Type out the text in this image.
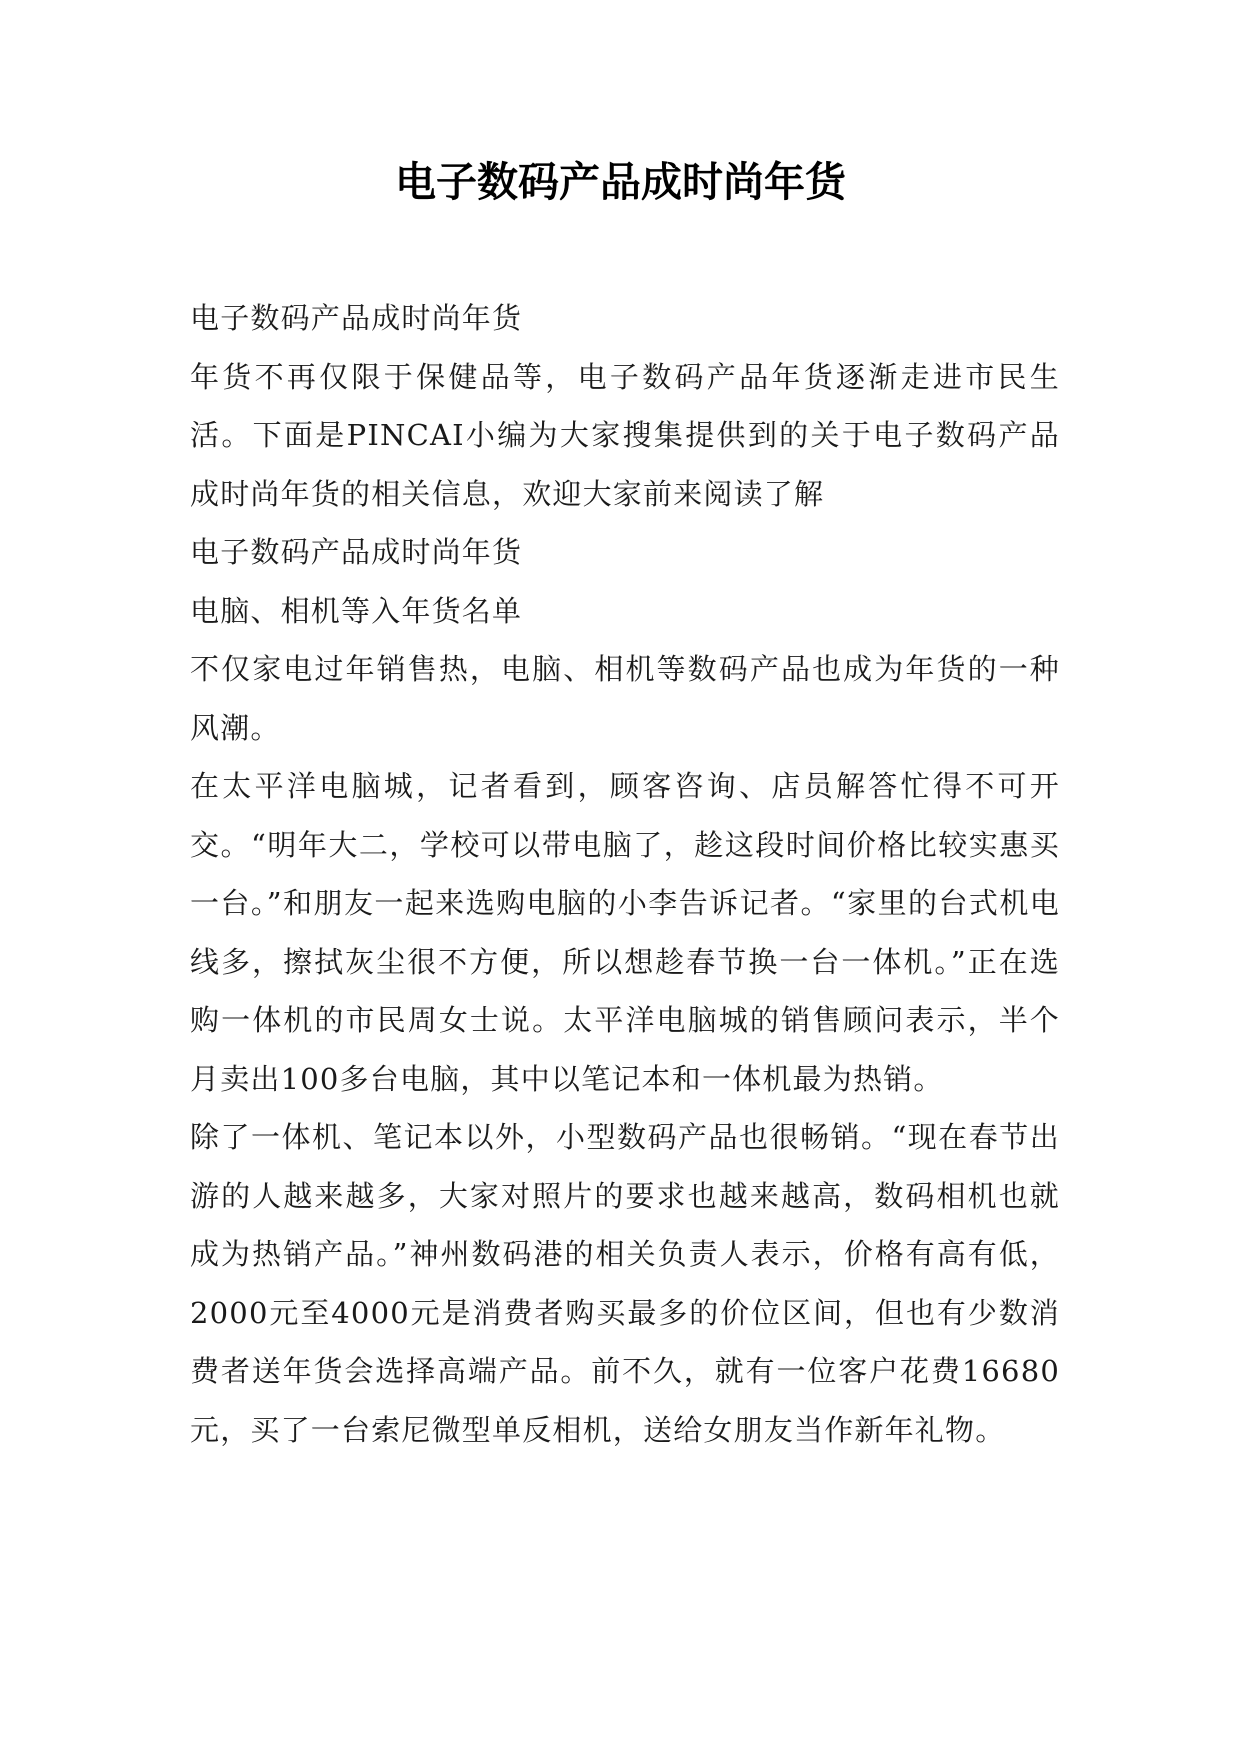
电子数码产品成时尚年货

电子数码产品成时尚年货

年货不再仅限于保健品等，电子数码产品年货逐渐走进市民生活。下面是PINCAI小编为大家搜集提供到的关于电子数码产品成时尚年货的相关信息，欢迎大家前来阅读了解

电子数码产品成时尚年货

电脑、相机等入年货名单

不仅家电过年销售热，电脑、相机等数码产品也成为年货的一种风潮。

在太平洋电脑城，记者看到，顾客咨询、店员解答忙得不可开交。“明年大二，学校可以带电脑了，趁这段时间价格比较实惠买一台。”和朋友一起来选购电脑的小李告诉记者。“家里的台式机电线多，擦拭灰尘很不方便，所以想趁春节换一台一体机。”正在选购一体机的市民周女士说。太平洋电脑城的销售顾问表示，半个月卖出100多台电脑，其中以笔记本和一体机最为热销。

除了一体机、笔记本以外，小型数码产品也很畅销。“现在春节出游的人越来越多，大家对照片的要求也越来越高，数码相机也就成为热销产品。”神州数码港的相关负责人表示，价格有高有低，2000元至4000元是消费者购买最多的价位区间，但也有少数消费者送年货会选择高端产品。前不久，就有一位客户花费16680元，买了一台索尼微型单反相机，送给女朋友当作新年礼物。
